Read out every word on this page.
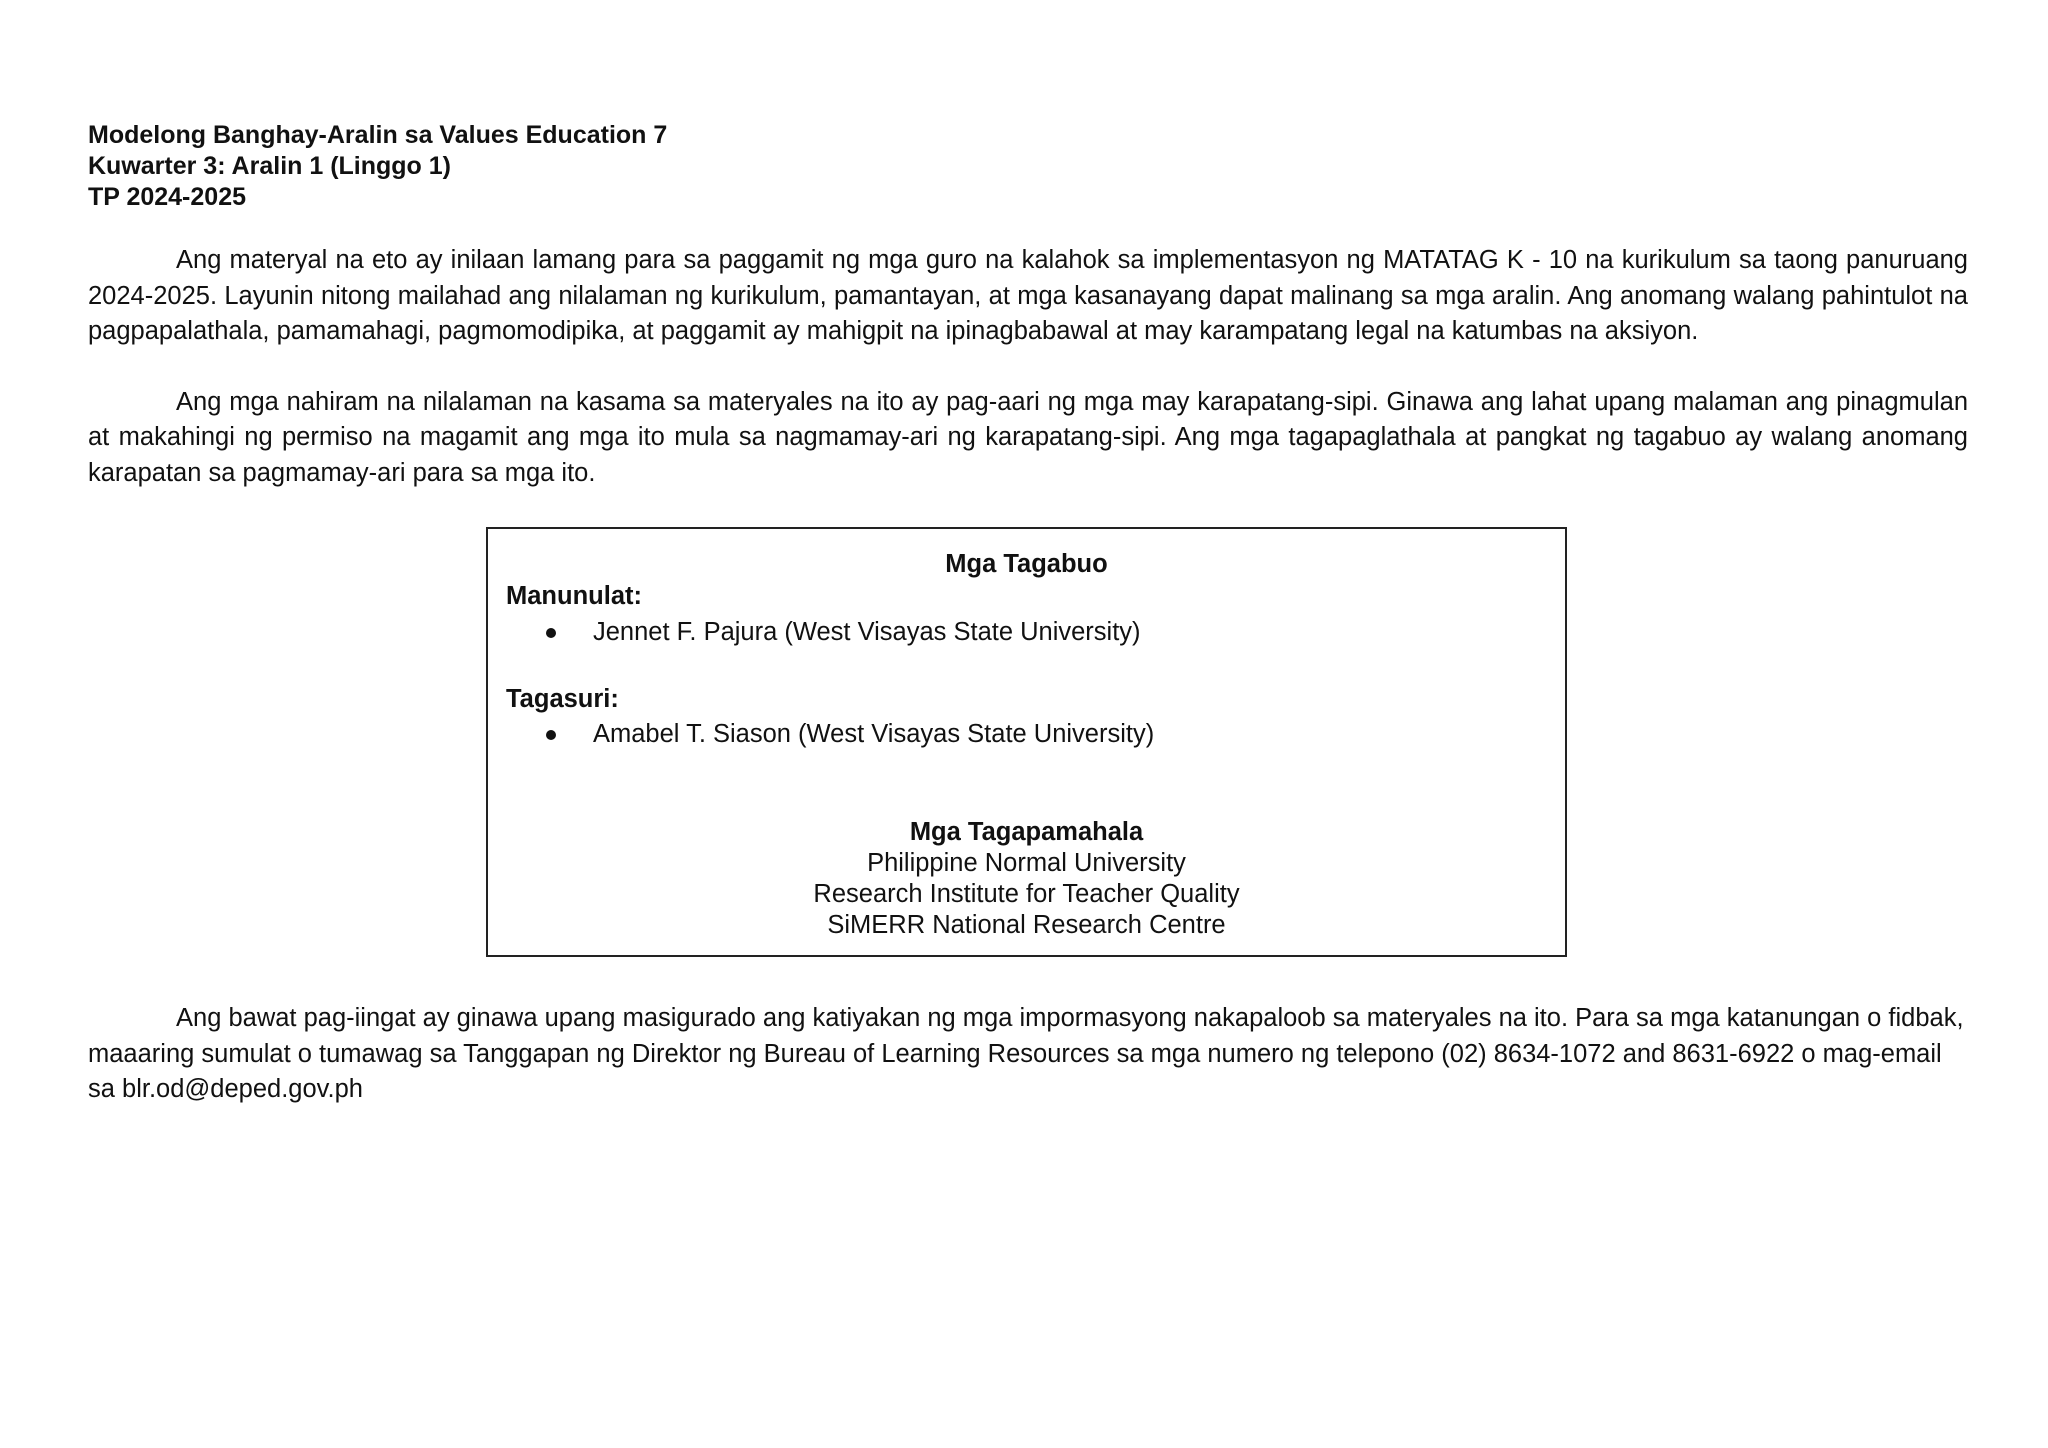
Modelong Banghay-Aralin sa Values Education 7
Kuwarter 3: Aralin 1 (Linggo 1)
TP 2024-2025

Ang materyal na eto ay inilaan lamang para sa paggamit ng mga guro na kalahok sa implementasyon ng MATATAG K - 10 na kurikulum sa taong panuruang 2024-2025. Layunin nitong mailahad ang nilalaman ng kurikulum, pamantayan, at mga kasanayang dapat malinang sa mga aralin. Ang anomang walang pahintulot na pagpapalathala, pamamahagi, pagmomodipika, at paggamit ay mahigpit na ipinagbabawal at may karampatang legal na katumbas na aksiyon.

Ang mga nahiram na nilalaman na kasama sa materyales na ito ay pag-aari ng mga may karapatang-sipi. Ginawa ang lahat upang malaman ang pinagmulan at makahingi ng permiso na magamit ang mga ito mula sa nagmamay-ari ng karapatang-sipi. Ang mga tagapaglathala at pangkat ng tagabuo ay walang anomang karapatan sa pagmamay-ari para sa mga ito.

Mga Tagabuo
Manunulat:
Jennet F. Pajura (West Visayas State University)
Tagasuri:
Amabel T. Siason (West Visayas State University)
Mga Tagapamahala
Philippine Normal University
Research Institute for Teacher Quality
SiMERR National Research Centre

Ang bawat pag-iingat ay ginawa upang masigurado ang katiyakan ng mga impormasyong nakapaloob sa materyales na ito. Para sa mga katanungan o fidbak, maaaring sumulat o tumawag sa Tanggapan ng Direktor ng Bureau of Learning Resources sa mga numero ng telepono (02) 8634-1072 and 8631-6922 o mag-email sa blr.od@deped.gov.ph
